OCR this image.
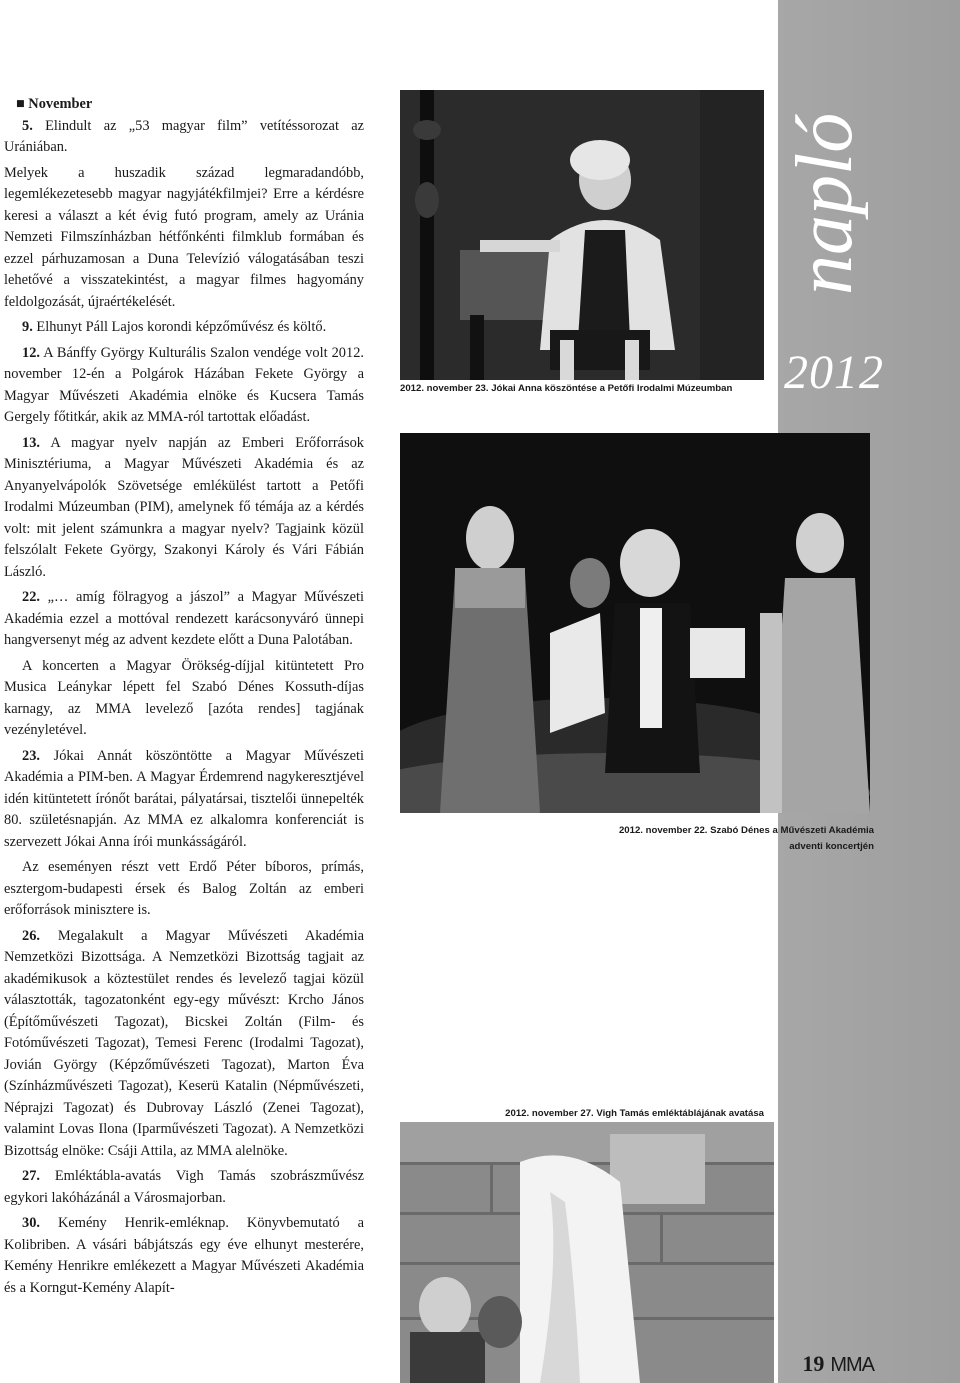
napló
2012

■ November

5. Elindult az „53 magyar film” vetítéssorozat az Urániában.

Melyek a huszadik század legmaradandóbb, legemlékezetesebb magyar nagyjátékfilmjei? Erre a kérdésre keresi a választ a két évig futó program, amely az Uránia Nemzeti Filmszínházban hétfőnkénti filmklub formában és ezzel párhuzamosan a Duna Televízió válogatásában teszi lehetővé a visszatekintést, a magyar filmes hagyomány feldolgozását, újraértékelését.

9. Elhunyt Páll Lajos korondi képzőművész és költő.

12. A Bánffy György Kulturális Szalon vendége volt 2012. november 12-én a Polgárok Házában Fekete György a Magyar Művészeti Akadémia elnöke és Kucsera Tamás Gergely főtitkár, akik az MMA-ról tartottak előadást.

13. A magyar nyelv napján az Emberi Erőforrások Minisztériuma, a Magyar Művészeti Akadémia és az Anyanyelvápolók Szövetsége emlékülést tartott a Petőfi Irodalmi Múzeumban (PIM), amelynek fő témája az a kérdés volt: mit jelent számunkra a magyar nyelv? Tagjaink közül felszólalt Fekete György, Szakonyi Károly és Vári Fábián László.

22. „… amíg fölragyog a jászol” a Magyar Művészeti Akadémia ezzel a mottóval rendezett karácsonyváró ünnepi hangversenyt még az advent kezdete előtt a Duna Palotában.

A koncerten a Magyar Örökség-díjjal kitüntetett Pro Musica Leánykar lépett fel Szabó Dénes Kossuth-díjas karnagy, az MMA levelező [azóta rendes] tagjának vezényletével.

23. Jókai Annát köszöntötte a Magyar Művészeti Akadémia a PIM-ben. A Magyar Érdemrend nagykeresztjével idén kitüntetett írónőt barátai, pályatársai, tisztelői ünnepelték 80. születésnapján. Az MMA ez alkalomra konferenciát is szervezett Jókai Anna írói munkásságáról.

Az eseményen részt vett Erdő Péter bíboros, prímás, esztergom-budapesti érsek és Balog Zoltán az emberi erőforrások minisztere is.

26. Megalakult a Magyar Művészeti Akadémia Nemzetközi Bizottsága. A Nemzetközi Bizottság tagjait az akadémikusok a köztestület rendes és levelező tagjai közül választották, tagozatonként egy-egy művészt: Krcho János (Építőművészeti Tagozat), Bicskei Zoltán (Film- és Fotóművészeti Tagozat), Temesi Ferenc (Irodalmi Tagozat), Jovián György (Képzőművészeti Tagozat), Marton Éva (Színházművészeti Tagozat), Keserü Katalin (Népművészeti, Néprajzi Tagozat) és Dubrovay László (Zenei Tagozat), valamint Lovas Ilona (Iparművészeti Tagozat). A Nemzetközi Bizottság elnöke: Csáji Attila, az MMA alelnöke.

27. Emléktábla-avatás Vigh Tamás szobrászművész egykori lakóházánál a Városmajorban.

30. Kemény Henrik-emléknap. Könyvbemutató a Kolibriben. A vásári bábjátszás egy éve elhunyt mesterére, Kemény Henrikre emlékezett a Magyar Művészeti Akadémia és a Korngut-Kemény Alapít-

2012. november 23. Jókai Anna köszöntése a Petőfi Irodalmi Múzeumban
2012. november 22. Szabó Dénes a Művészeti Akadémia adventi koncertjén
2012. november 27. Vigh Tamás emléktáblájának avatása
19 MMA
